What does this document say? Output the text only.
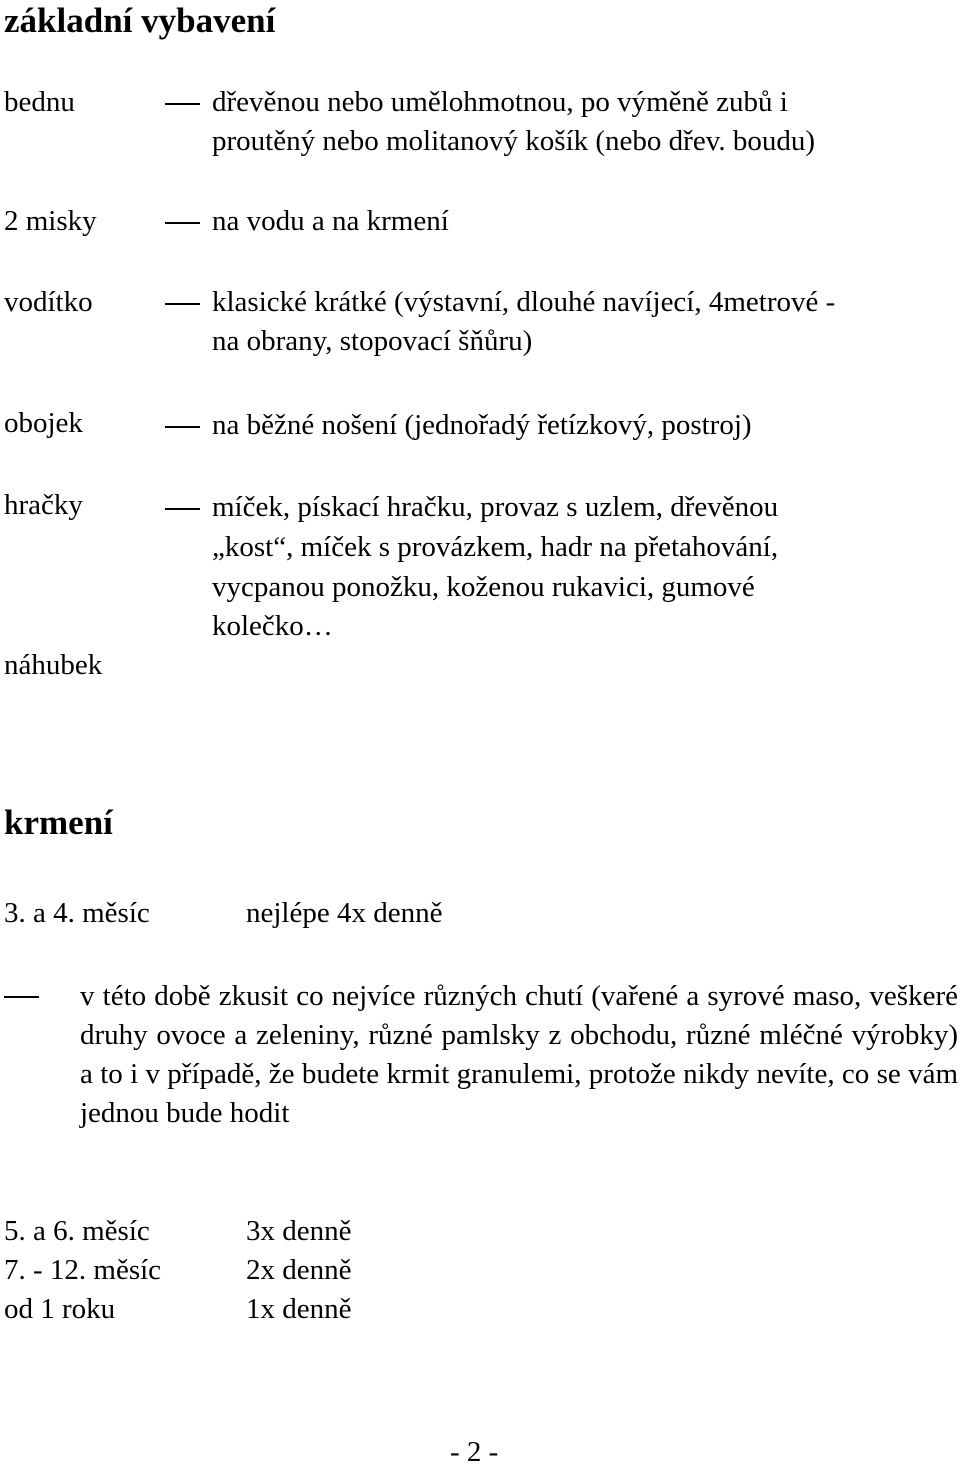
základní vybavení
bednu	dřevěnou nebo umělohmotnou, po výměně zubů i
proutěný nebo molitanový košík (nebo dřev. boudu)
2 misky	na vodu a na krmení
vodítko	klasické krátké (výstavní, dlouhé navíjecí, 4metrové -
na obrany, stopovací šňůru)
obojek	na běžné nošení (jednořadý řetízkový, postroj)
hračky	míček, pískací hračku, provaz s uzlem, dřevěnou
„kost“, míček s provázkem, hadr na přetahování,
vycpanou ponožku, koženou rukavici, gumové
kolečko…
náhubek
krmení
3. a 4. měsíc	nejlépe 4x denně
v této době zkusit co nejvíce různých chutí (vařené a syrové maso, veškeré druhy ovoce a zeleniny, různé pamlsky z obchodu, různé mléčné výrobky) a to i v případě, že budete krmit granulemi, protože nikdy nevíte, co se vám jednou bude hodit
5. a 6. měsíc	3x denně
7. - 12. měsíc	2x denně
od 1 roku	1x denně
- 2 -
